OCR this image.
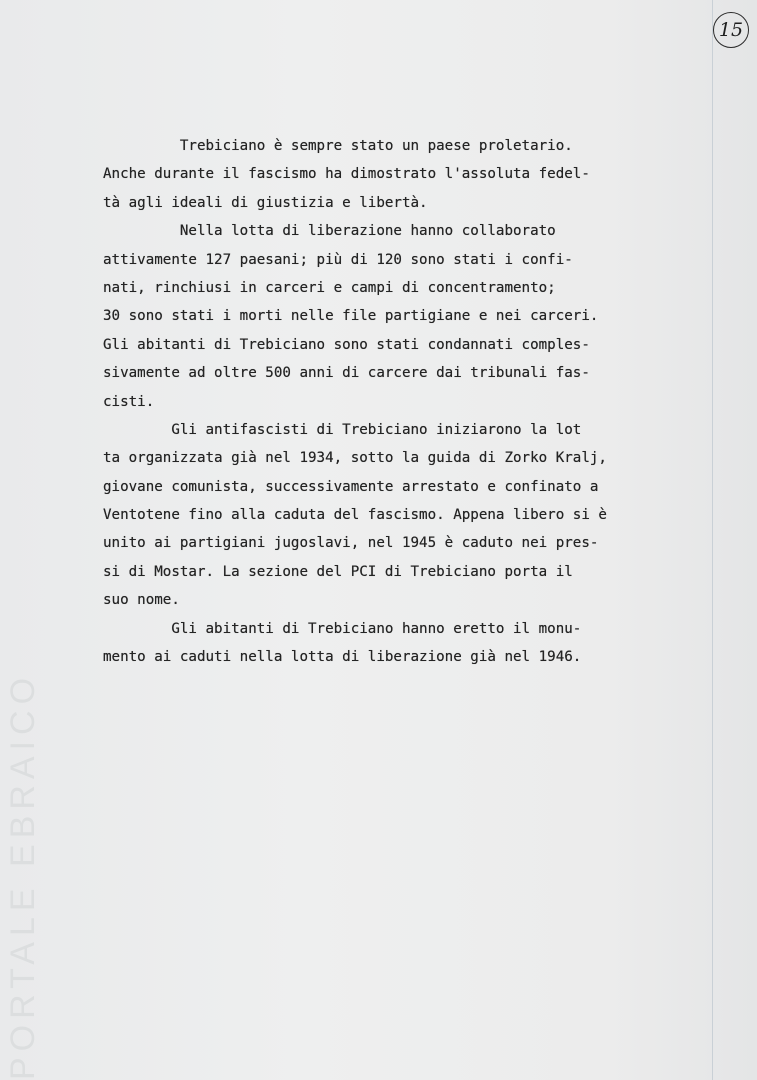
PORTALE EBRAICO
15
Trebiciano è sempre stato un paese proletario.
Anche durante il fascismo ha dimostrato l'assoluta fedel-
tà agli ideali di giustizia e libertà.
Nella lotta di liberazione hanno collaborato
attivamente 127 paesani; più di 120 sono stati i confi-
nati, rinchiusi in carceri e campi di concentramento;
30 sono stati i morti nelle file partigiane e nei carceri.
Gli abitanti di Trebiciano sono stati condannati comples-
sivamente ad oltre 500 anni di carcere dai tribunali fas-
cisti.
Gli antifascisti di Trebiciano iniziarono la lot
ta organizzata già nel 1934, sotto la guida di Zorko Kralj,
giovane comunista, successivamente arrestato e confinato a
Ventotene fino alla caduta del fascismo. Appena libero si è
unito ai partigiani jugoslavi, nel 1945 è caduto nei pres-
si di Mostar. La sezione del PCI di Trebiciano porta il
suo nome.
Gli abitanti di Trebiciano hanno eretto il monu-
mento ai caduti nella lotta di liberazione già nel 1946.
